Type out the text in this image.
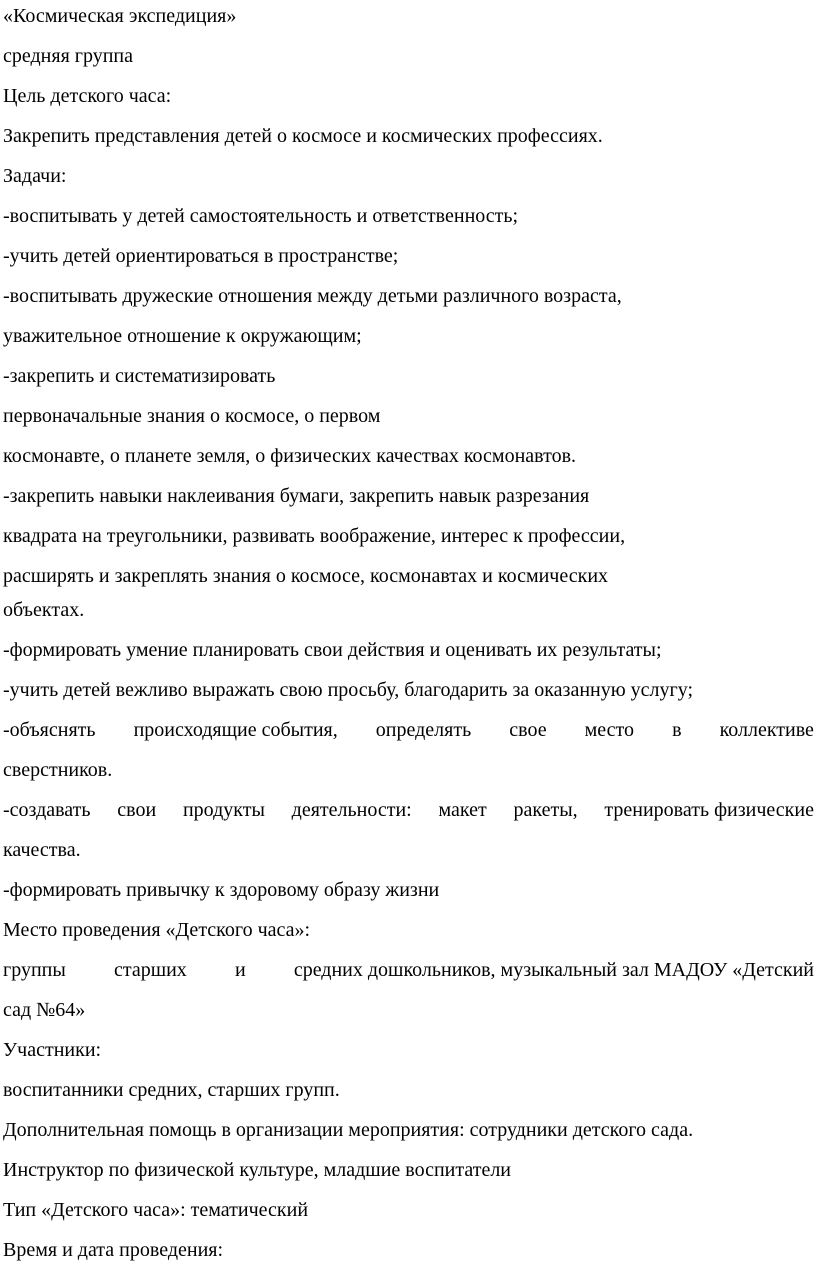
«Космическая экспедиция»
средняя группа
Цель детского часа:
Закрепить представления детей о космосе и космических профессиях.
Задачи:
-воспитывать у детей самостоятельность и ответственность;
-учить детей ориентироваться в пространстве;
-воспитывать дружеские отношения между детьми различного возраста,
уважительное отношение к окружающим;
-закрепить и систематизировать
первоначальные знания о космосе, о первом
космонавте, о планете земля, о физических качествах космонавтов.
-закрепить навыки наклеивания бумаги, закрепить навык разрезания
квадрата на треугольники, развивать воображение, интерес к профессии,
расширять и закреплять знания о космосе, космонавтах и космических
объектах.
-формировать умение планировать свои действия и оценивать их результаты;
-учить детей вежливо выражать свою просьбу, благодарить за оказанную услугу;
-объяснять происходящие события, определять свое место в коллективе
сверстников.
-создавать свои продукты деятельности: макет ракеты, тренировать физические
качества.
-формировать привычку к здоровому образу жизни
Место проведения «Детского часа»:
группы старших и средних дошкольников, музыкальный зал МАДОУ «Детский
сад №64»
Участники:
воспитанники средних, старших групп.
Дополнительная помощь в организации мероприятия: сотрудники детского сада.
Инструктор по физической культуре, младшие воспитатели
Тип «Детского часа»: тематический
Время и дата проведения:
